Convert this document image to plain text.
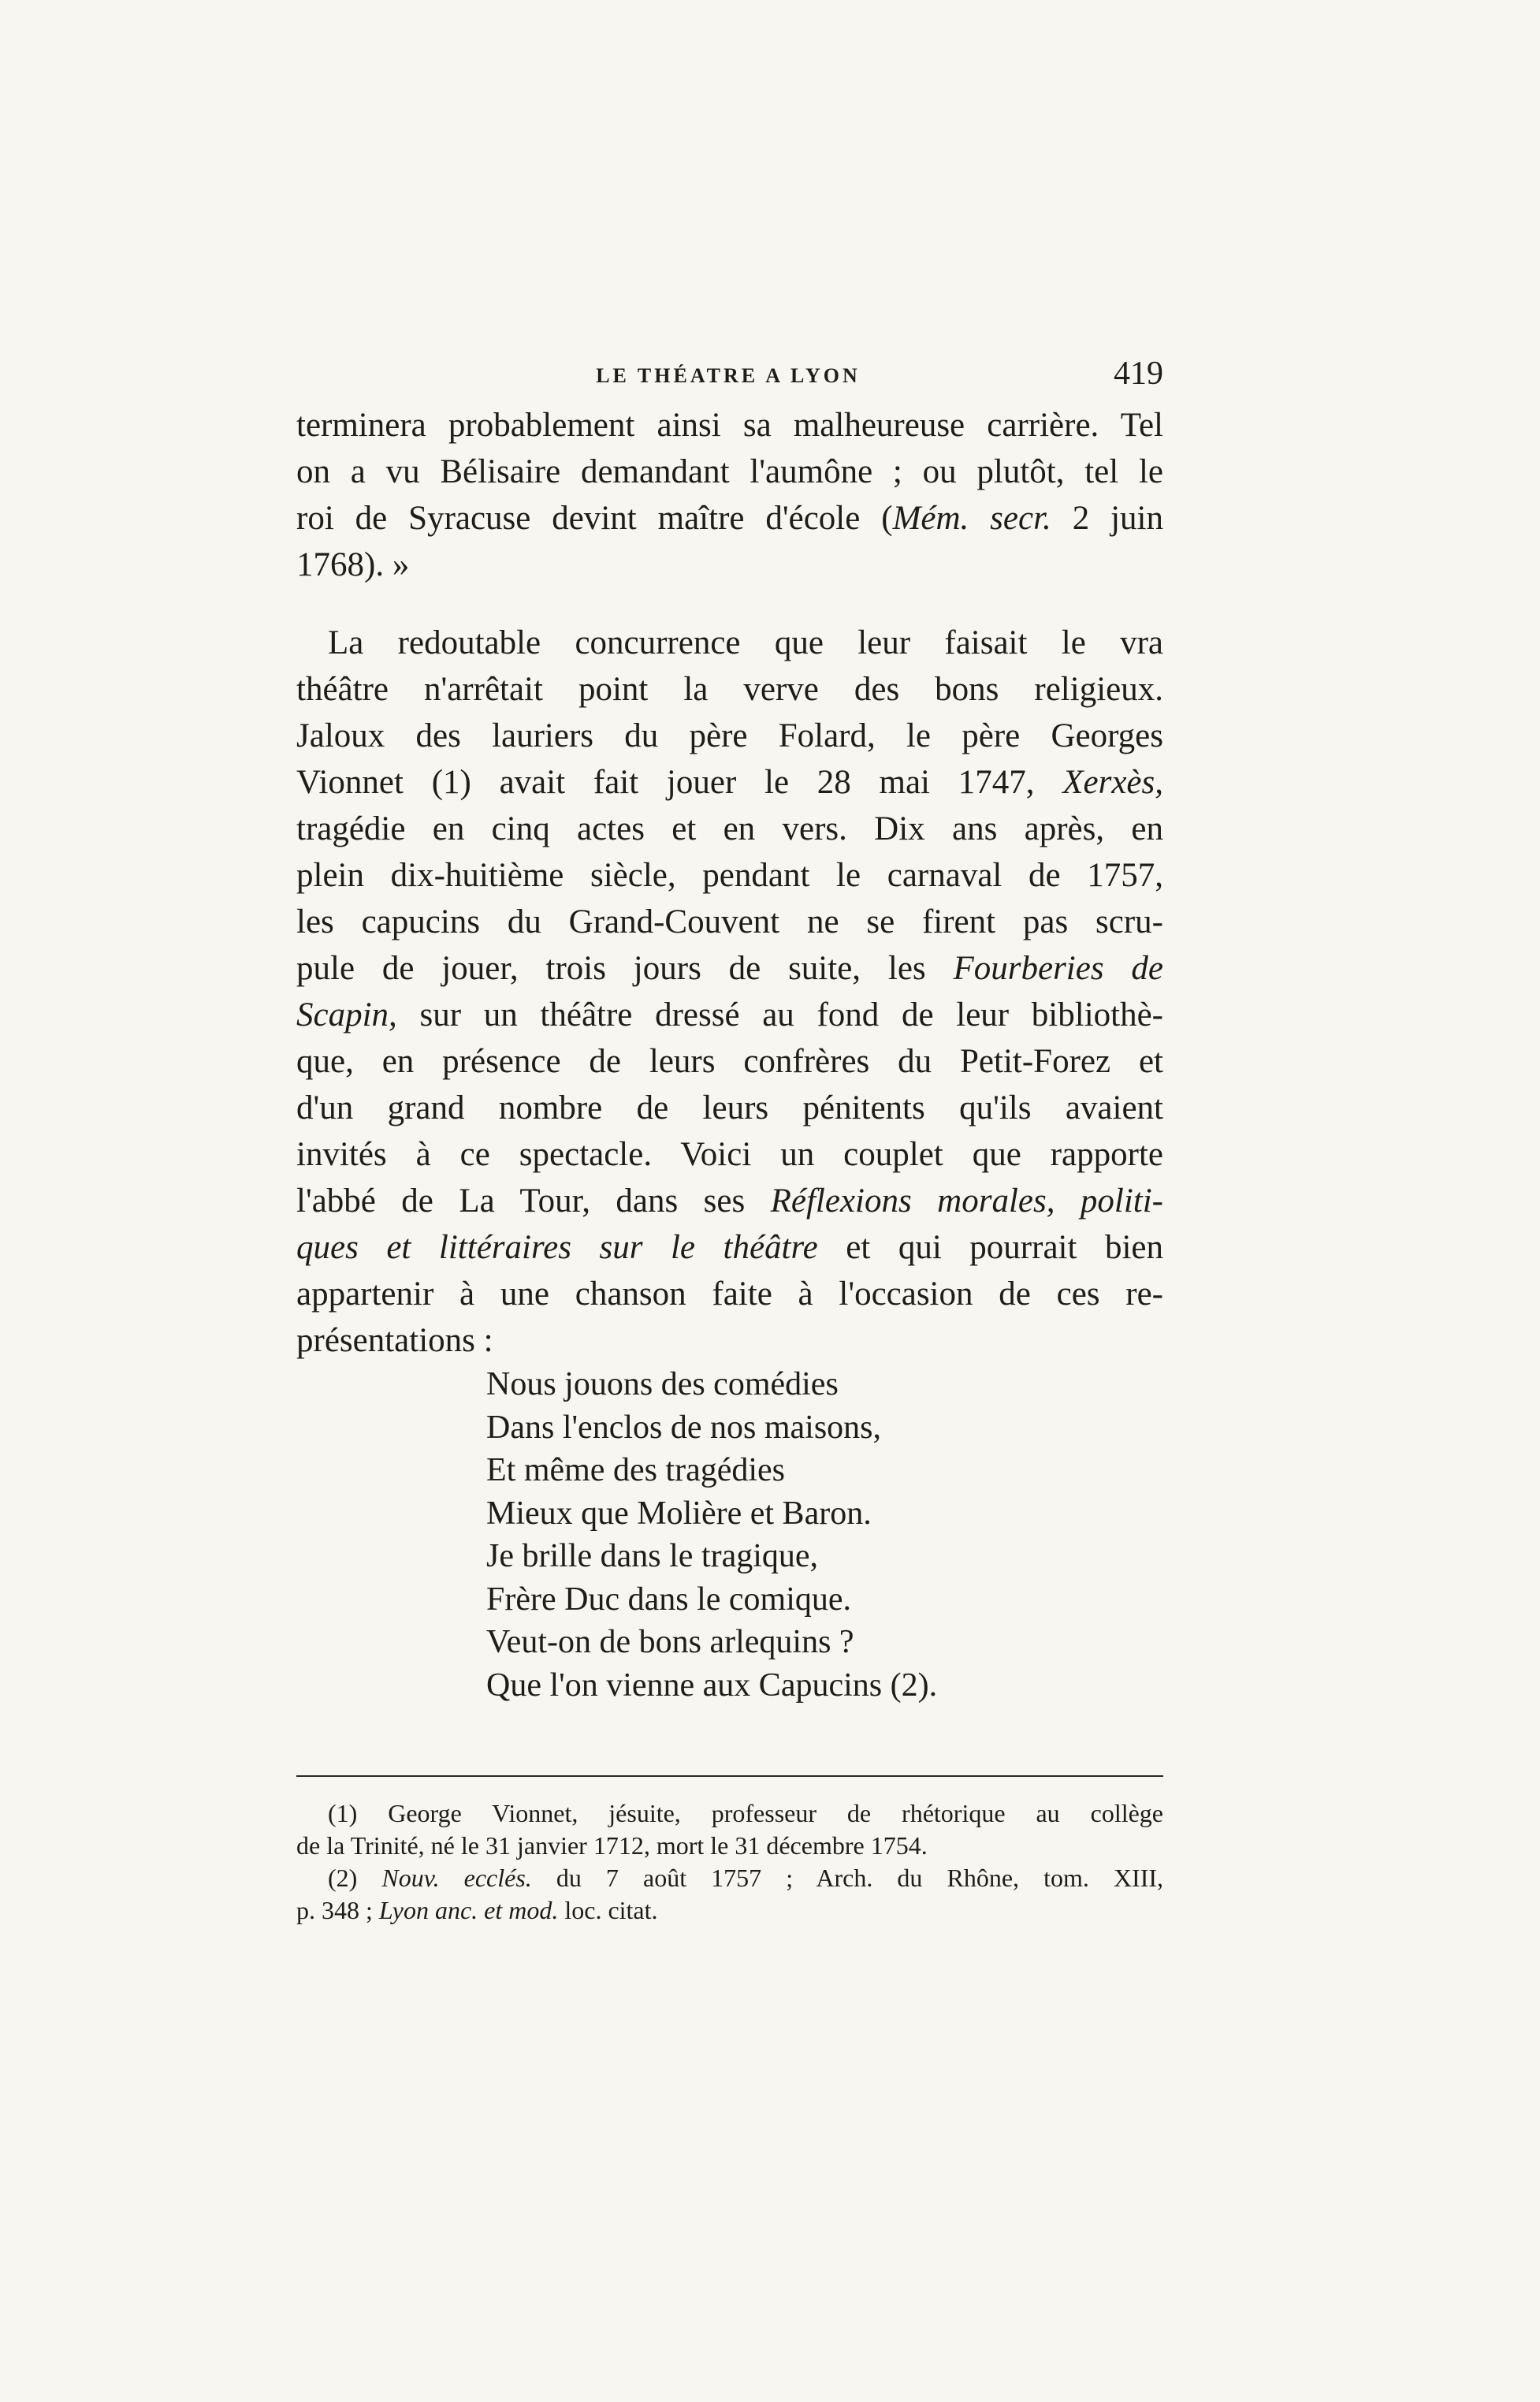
LE THÉATRE A LYON	419
terminera probablement ainsi sa malheureuse carrière. Tel
on a vu Bélisaire demandant l'aumône ; ou plutôt, tel le
roi de Syracuse devint maître d'école (Mém. secr. 2 juin
1768). »
La redoutable concurrence que leur faisait le vra
théâtre n'arrêtait point la verve des bons religieux.
Jaloux des lauriers du père Folard, le père Georges
Vionnet (1) avait fait jouer le 28 mai 1747, Xerxès,
tragédie en cinq actes et en vers. Dix ans après, en
plein dix-huitième siècle, pendant le carnaval de 1757,
les capucins du Grand-Couvent ne se firent pas scru-
pule de jouer, trois jours de suite, les Fourberies de
Scapin, sur un théâtre dressé au fond de leur bibliothè-
que, en présence de leurs confrères du Petit-Forez et
d'un grand nombre de leurs pénitents qu'ils avaient
invités à ce spectacle. Voici un couplet que rapporte
l'abbé de La Tour, dans ses Réflexions morales, politi-
ques et littéraires sur le théâtre et qui pourrait bien
appartenir à une chanson faite à l'occasion de ces re-
présentations :
Nous jouons des comédies
Dans l'enclos de nos maisons,
Et même des tragédies
Mieux que Molière et Baron.
Je brille dans le tragique,
Frère Duc dans le comique.
Veut-on de bons arlequins ?
Que l'on vienne aux Capucins (2).
(1) George Vionnet, jésuite, professeur de rhétorique au collège
de la Trinité, né le 31 janvier 1712, mort le 31 décembre 1754.
(2) Nouv. ecclés. du 7 août 1757 ; Arch. du Rhône, tom. XIII,
p. 348 ; Lyon anc. et mod. loc. citat.
